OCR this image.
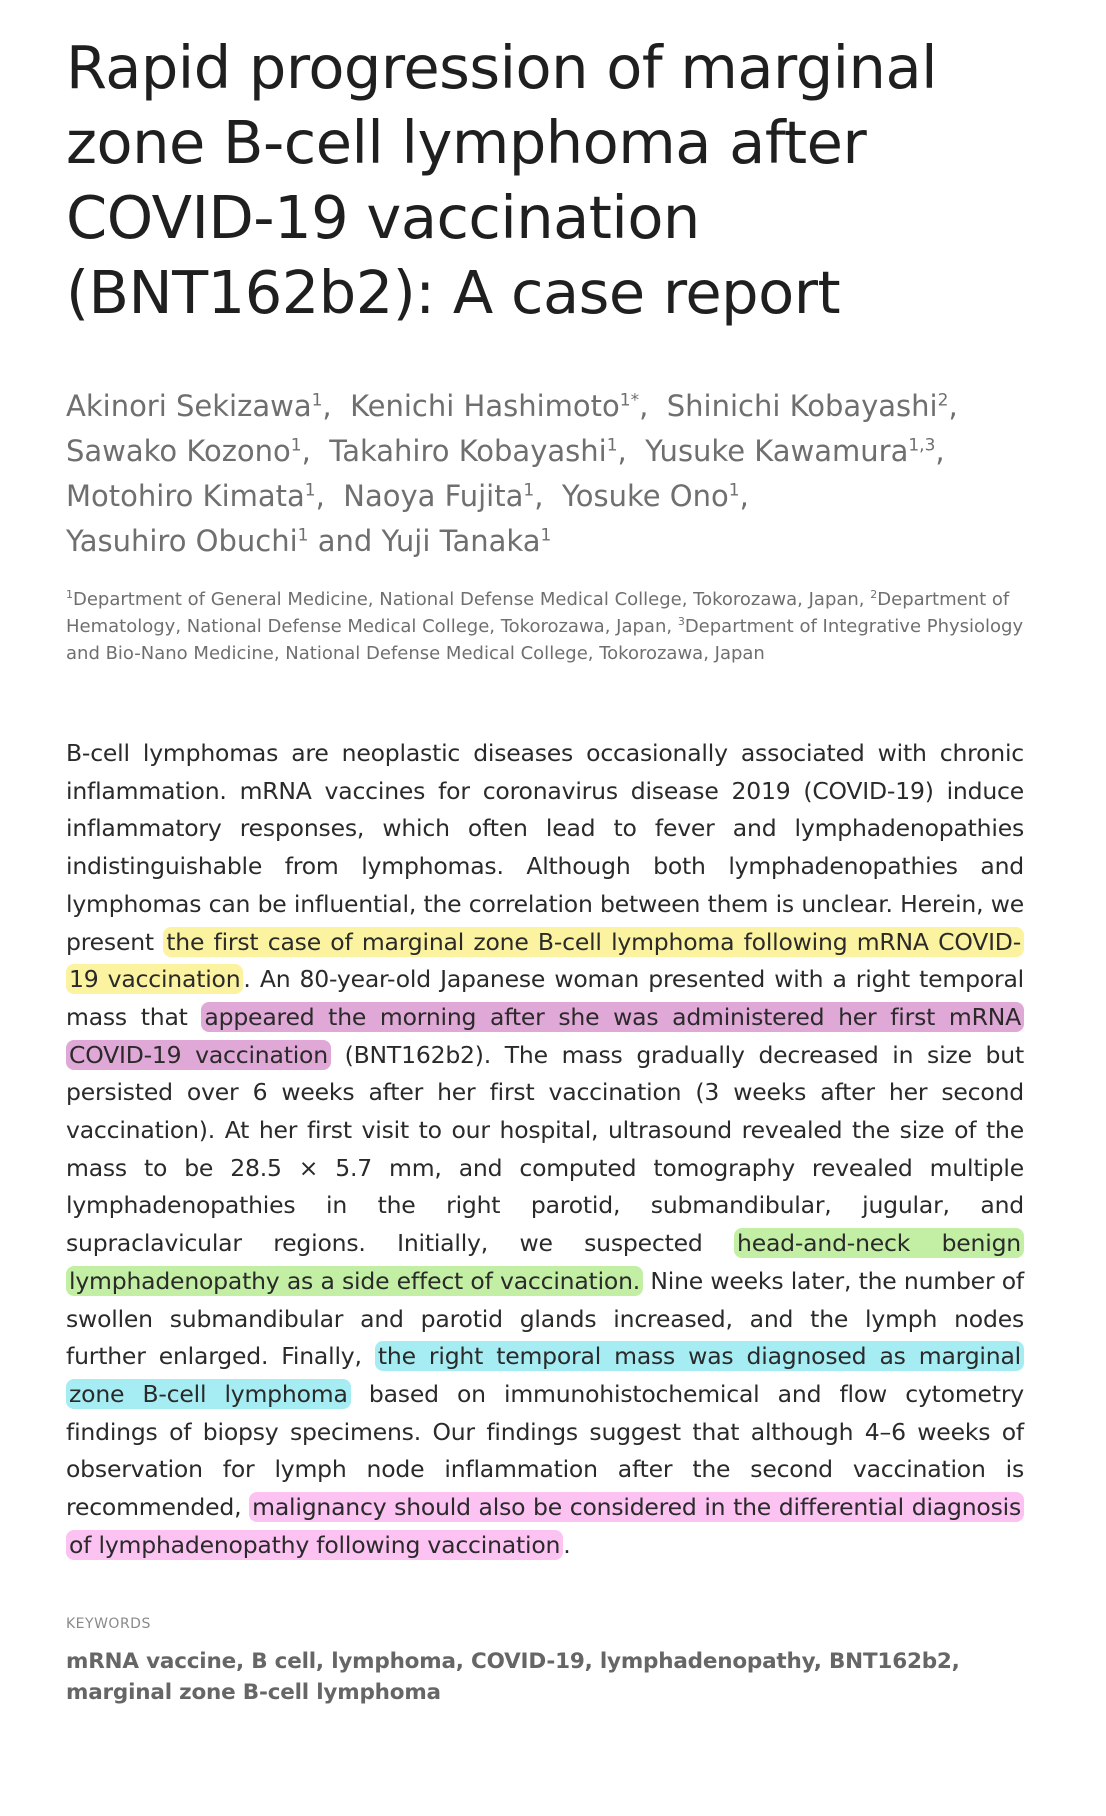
Rapid progression of marginal zone B-cell lymphoma after COVID-19 vaccination (BNT162b2): A case report
Akinori Sekizawa$^1$,  Kenichi Hashimoto$^{1*}$,  Shinichi Kobayashi$^2$,
Sawako Kozono$^1$,  Takahiro Kobayashi$^1$,  Yusuke Kawamura$^{1,3}$,
Motohiro Kimata$^1$,  Naoya Fujita$^1$,  Yosuke Ono$^1$,
Yasuhiro Obuchi$^1$ and Yuji Tanaka$^1$
$^1$Department of General Medicine, National Defense Medical College, Tokorozawa, Japan, $^2$Department of Hematology, National Defense Medical College, Tokorozawa, Japan, $^3$Department of Integrative Physiology and Bio-Nano Medicine, National Defense Medical College, Tokorozawa, Japan

B-cell lymphomas are neoplastic diseases occasionally associated with chronic inflammation. mRNA vaccines for coronavirus disease 2019 (COVID-19) induce inflammatory responses, which often lead to fever and lymphadenopathies indistinguishable from lymphomas. Although both lymphadenopathies and lymphomas can be influential, the correlation between them is unclear. Herein, we present the first case of marginal zone B-cell lymphoma following mRNA COVID-19 vaccination . An 80-year-old Japanese woman presented with a right temporal mass that appeared the morning after she was administered her first mRNA COVID-19 vaccination (BNT162b2). The mass gradually decreased in size but persisted over 6 weeks after her first vaccination (3 weeks after her second vaccination). At her first visit to our hospital, ultrasound revealed the size of the mass to be 28.5 × 5.7 mm, and computed tomography revealed multiple lymphadenopathies in the right parotid, submandibular, jugular, and supraclavicular regions. Initially, we suspected head-and-neck benign lymphadenopathy as a side effect of vaccination. Nine weeks later, the number of swollen submandibular and parotid glands increased, and the lymph nodes further enlarged. Finally, the right temporal mass was diagnosed as marginal zone B-cell lymphoma based on immunohistochemical and flow cytometry findings of biopsy specimens. Our findings suggest that although 4–6 weeks of observation for lymph node inflammation after the second vaccination is recommended, malignancy should also be considered in the differential diagnosis of lymphadenopathy following vaccination .

KEYWORDS
mRNA vaccine, B cell, lymphoma, COVID-19, lymphadenopathy, BNT162b2, marginal zone B-cell lymphoma
